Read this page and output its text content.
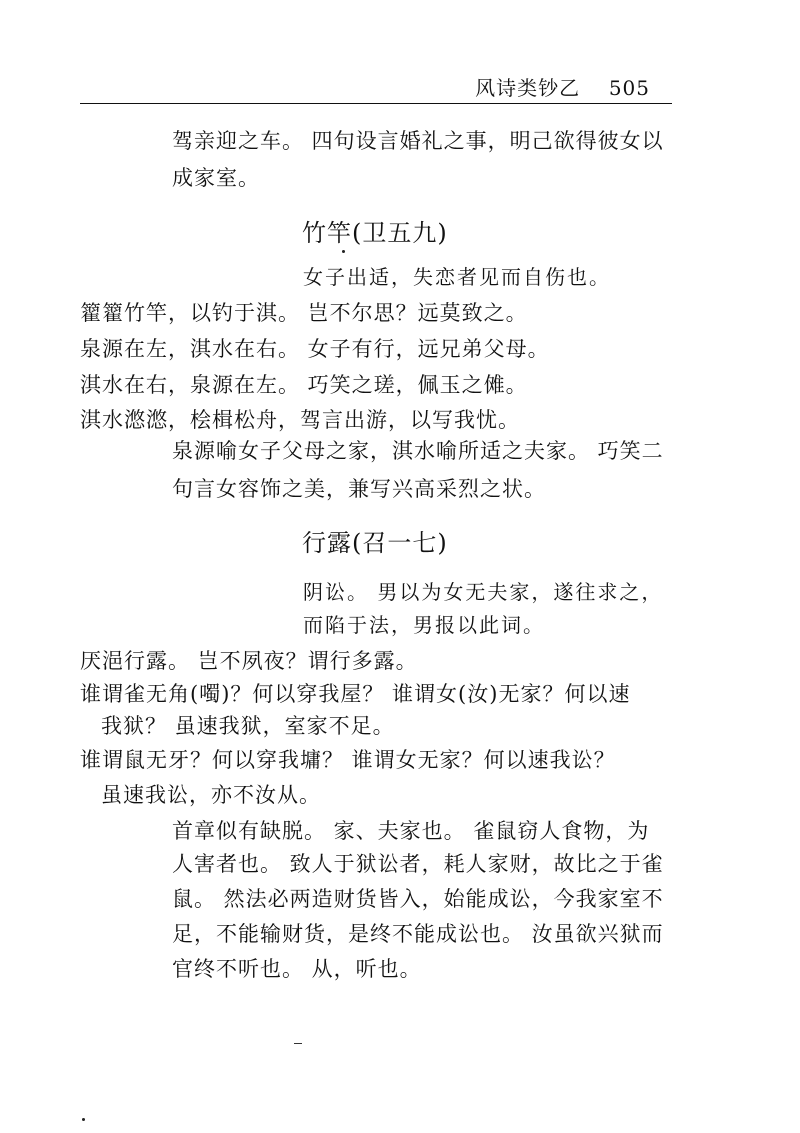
风诗类钞乙 505
驾亲迎之车。 四句设言婚礼之事，明己欲得彼女以
成家室。
竹竿(卫五九)
女子出适，失恋者见而自伤也。
籊籊竹竿，以钓于淇。 岂不尔思？远莫致之。
泉源在左，淇水在右。 女子有行，远兄弟父母。
淇水在右，泉源在左。 巧笑之瑳，佩玉之傩。
淇水滺滺，桧楫松舟，驾言出游，以写我忧。
泉源喻女子父母之家，淇水喻所适之夫家。 巧笑二
句言女容饰之美，兼写兴高采烈之状。
行露(召一七)
阴讼。 男以为女无夫家，遂往求之，
而陷于法，男报以此词。
厌浥行露。 岂不夙夜？谓行多露。
谁谓雀无角(噣)？何以穿我屋？ 谁谓女(汝)无家？何以速
我狱？ 虽速我狱，室家不足。
谁谓鼠无牙？何以穿我墉？ 谁谓女无家？何以速我讼？
虽速我讼，亦不汝从。
首章似有缺脱。 家、夫家也。 雀鼠窃人食物，为
人害者也。 致人于狱讼者，耗人家财，故比之于雀
鼠。 然法必两造财货皆入，始能成讼，今我家室不
足，不能输财货，是终不能成讼也。 汝虽欲兴狱而
官终不听也。 从，听也。
